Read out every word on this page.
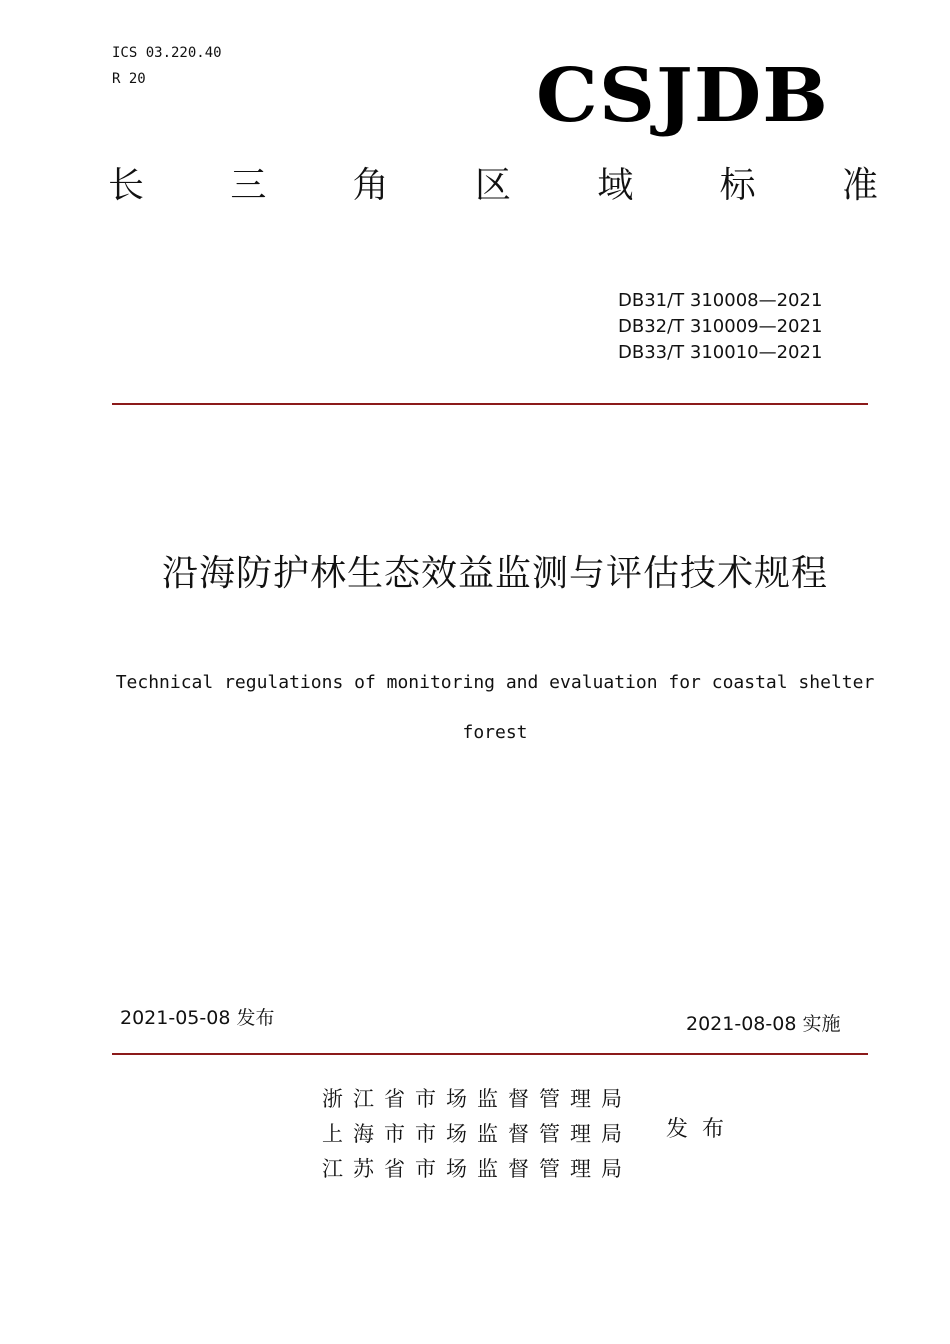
ICS 03.220.40
R 20	CSJDB
长 三 角 区 域 标 准
DB31/T 310008—2021
DB32/T 310009—2021
DB33/T 310010—2021
沿海防护林生态效益监测与评估技术规程
Technical regulations of monitoring and evaluation for coastal shelter
forest
2021-05-08 发布	2021-08-08 实施
浙江省市场监督管理局
上海市市场监督管理局
江苏省市场监督管理局
发布
